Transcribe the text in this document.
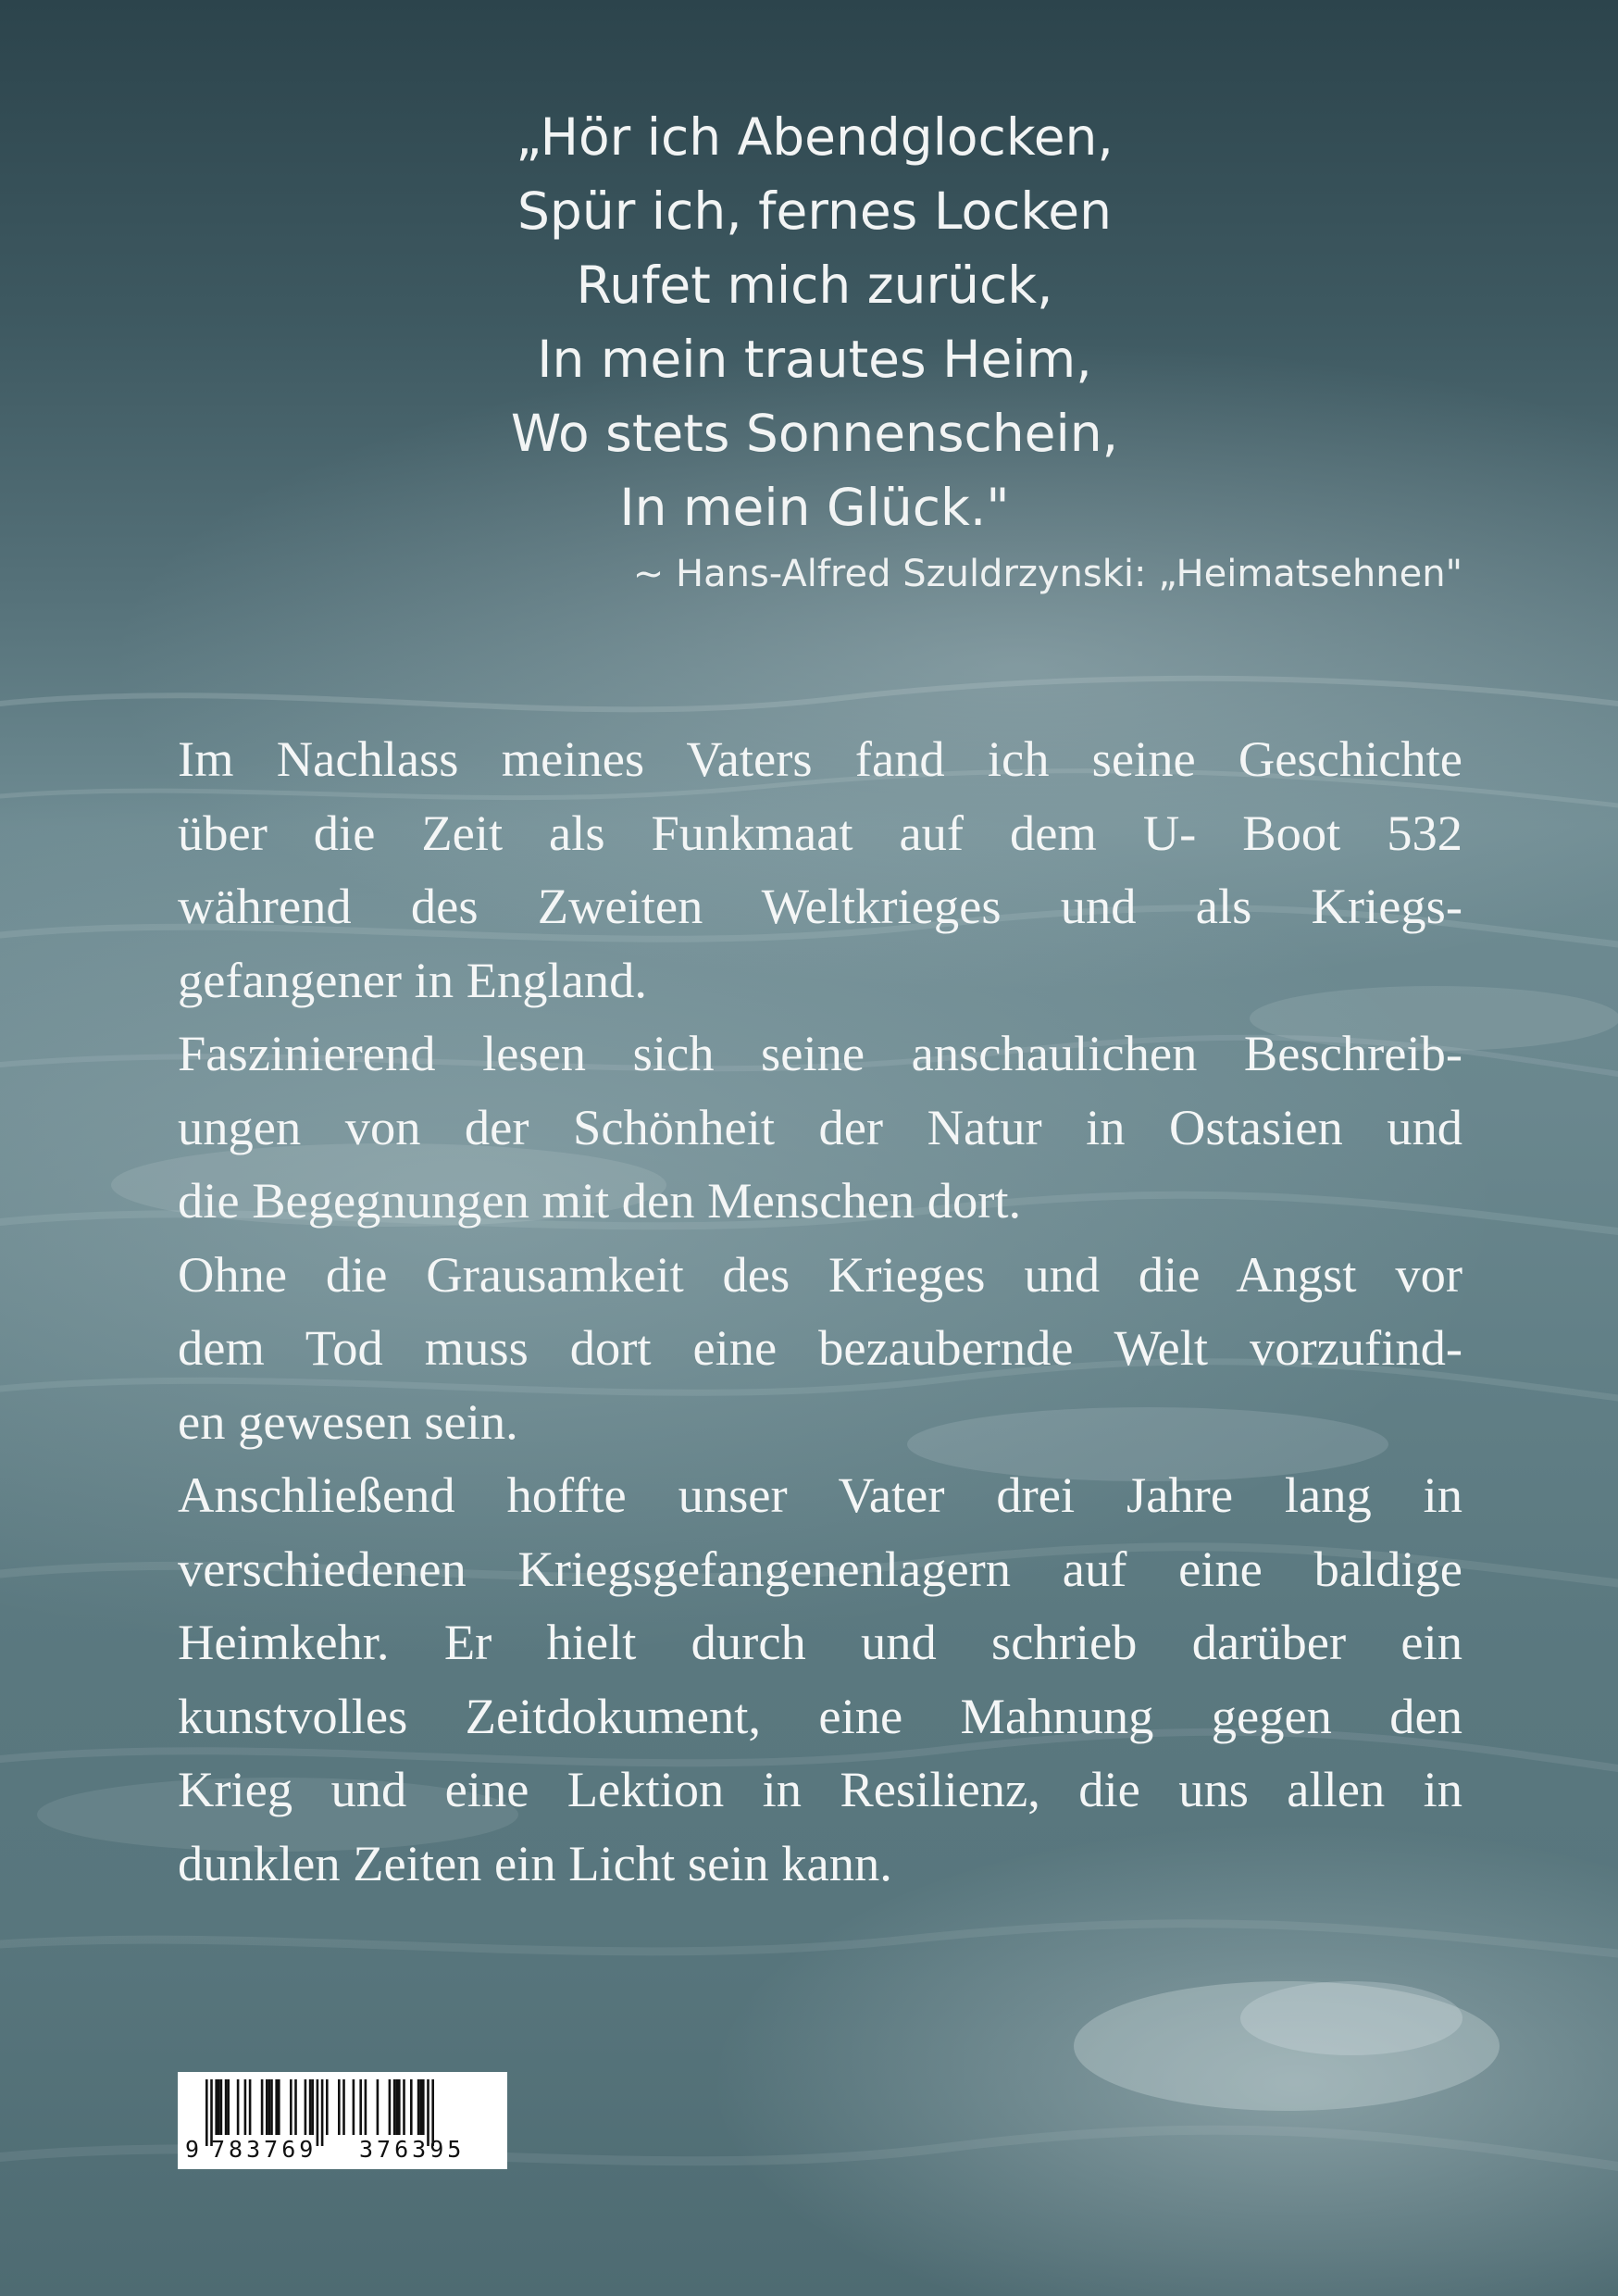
„Hör ich Abendglocken,
Spür ich, fernes Locken
Rufet mich zurück,
In mein trautes Heim,
Wo stets Sonnenschein,
In mein Glück."

~ Hans-Alfred Szuldrzynski: „Heimatsehnen"

Im Nachlass meines Vaters fand ich seine Geschichte
über die Zeit als Funkmaat auf dem U- Boot 532
während des Zweiten Weltkrieges und als Kriegs-
gefangener in England.

Faszinierend lesen sich seine anschaulichen Beschreib-
ungen von der Schönheit der Natur in Ostasien und
die Begegnungen mit den Menschen dort.

Ohne die Grausamkeit des Krieges und die Angst vor
dem Tod muss dort eine bezaubernde Welt vorzufind-
en gewesen sein.

Anschließend hoffte unser Vater drei Jahre lang in
verschiedenen Kriegsgefangenenlagern auf eine baldige
Heimkehr. Er hielt durch und schrieb darüber ein
kunstvolles Zeitdokument, eine Mahnung gegen den
Krieg und eine Lektion in Resilienz, die uns allen in
dunklen Zeiten ein Licht sein kann.

9 783769 376395
